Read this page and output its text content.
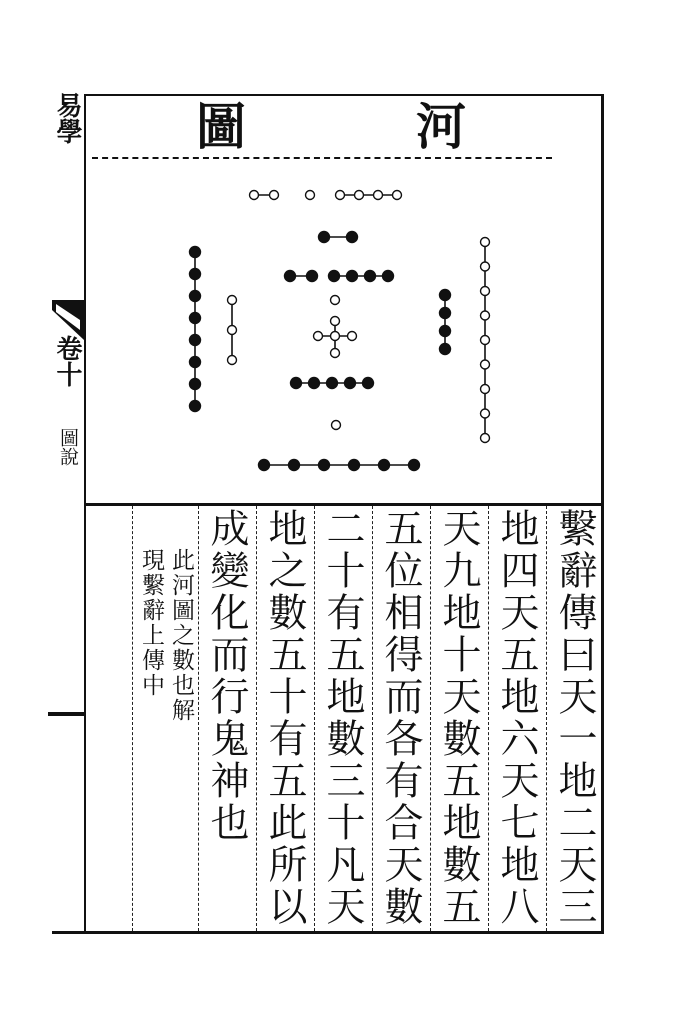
易學
卷十
圖說
圖	河
繫辭傳曰天一地二天三
地四天五地六天七地八
天九地十天數五地數五
五位相得而各有合天數
二十有五地數三十凡天
地之數五十有五此所以
成變化而行鬼神也
此河圖之數也解
現繫辭上傳中
